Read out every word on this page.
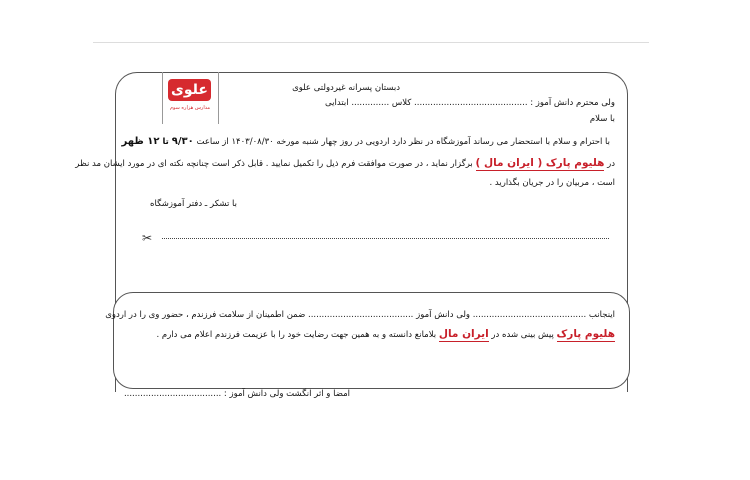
علوی
مدارس هزاره سوم
دبستان پسرانه غیردولتی علوی
ولی محترم دانش آموز : .......................................... کلاس .............. ابتدایی
با سلام
با احترام و سلام با استحضار می رساند آموزشگاه در نظر دارد اردویی در روز چهار شنبه مورخه ۱۴۰۳/۰۸/۳۰ از ساعت ۹/۳۰ تا ۱۲ ظهر
در هلیوم پارک ( ایران مال ) برگزار نماید ، در صورت موافقت فرم ذیل را تکمیل نمایید . قابل ذکر است چنانچه نکته ای در مورد ایشان مد نظر
است ، مربیان را در جریان بگذارید .
با تشکر ـ دفتر آموزشگاه
✂
اینجانب .......................................... ولی دانش آموز ....................................... ضمن اطمینان از سلامت فرزندم ، حضور وی را در اردوی
هلیوم پارک پیش بینی شده در ایران مال بلامانع دانسته و به همین جهت رضایت خود را با عزیمت فرزندم اعلام می دارم .
امضا و اثر انگشت ولی دانش آموز : ....................................
